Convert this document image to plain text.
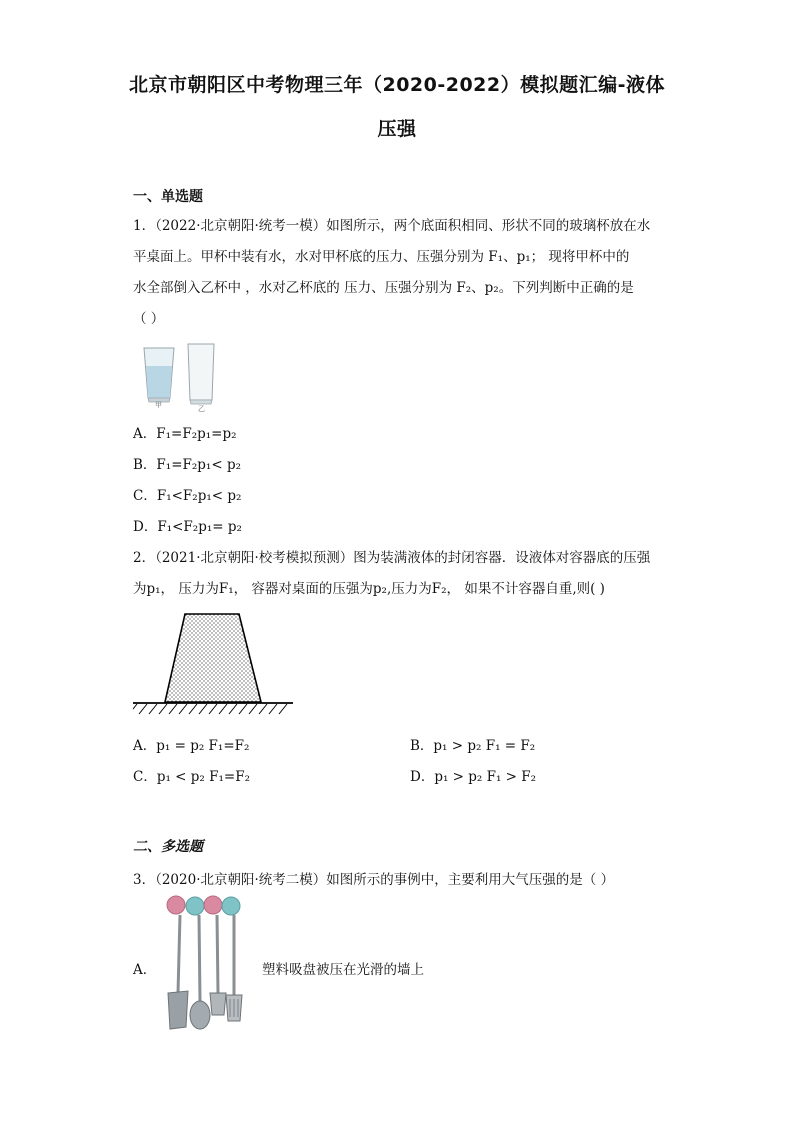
北京市朝阳区中考物理三年（2020-2022）模拟题汇编-液体
压强
一、单选题
1．（2022·北京朝阳·统考一模）如图所示，两个底面积相同、形状不同的玻璃杯放在水
平桌面上。甲杯中装有水，水对甲杯底的压力、压强分别为 F₁、p₁； 现将甲杯中的
水全部倒入乙杯中 ，水对乙杯底的 压力、压强分别为 F₂、p₂。下列判断中正确的是
（ ）
甲	乙
A．F₁=F₂p₁=p₂
B．F₁=F₂p₁< p₂
C．F₁<F₂p₁< p₂
D．F₁<F₂p₁= p₂
2．（2021·北京朝阳·校考模拟预测）图为装满液体的封闭容器．设液体对容器底的压强
为p₁， 压力为F₁， 容器对桌面的压强为p₂,压力为F₂， 如果不计容器自重,则( )
A．p₁ = p₂ F₁=F₂	B．p₁ > p₂ F₁ = F₂
C．p₁ < p₂ F₁=F₂	D．p₁ > p₂ F₁ > F₂
二、多选题
3．（2020·北京朝阳·统考二模）如图所示的事例中，主要利用大气压强的是（ ）
A．	塑料吸盘被压在光滑的墙上
